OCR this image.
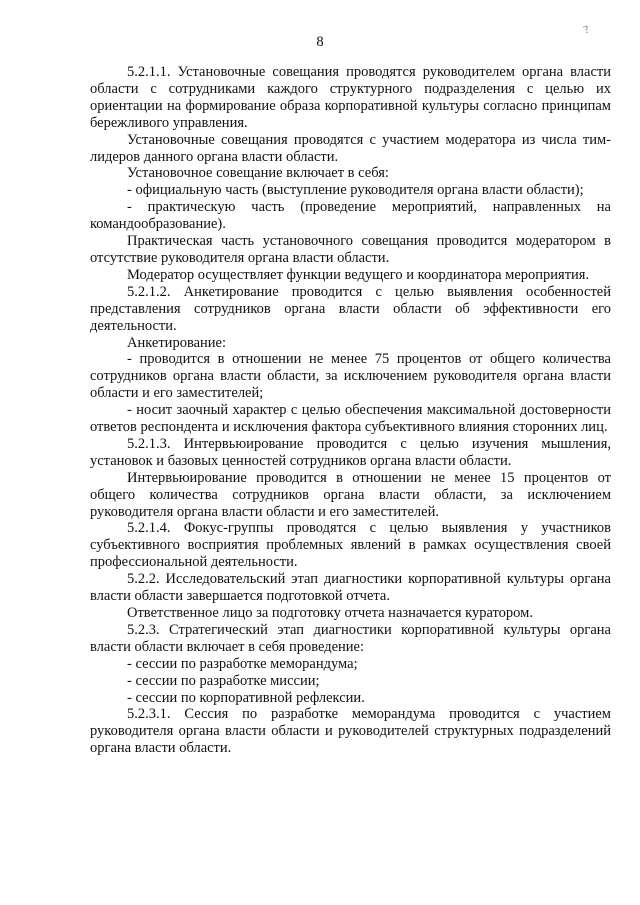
8
?

5.2.1.1. Установочные совещания проводятся руководителем органа власти области с сотрудниками каждого структурного подразделения с целью их ориентации на формирование образа корпоративной культуры согласно принципам бережливого управления.

Установочные совещания проводятся с участием модератора из числа тим-лидеров данного органа власти области.

Установочное совещание включает в себя:

- официальную часть (выступление руководителя органа власти области);

- практическую часть (проведение мероприятий, направленных на командообразование).

Практическая часть установочного совещания проводится модератором в отсутствие руководителя органа власти области.

Модератор осуществляет функции ведущего и координатора мероприятия.

5.2.1.2. Анкетирование проводится с целью выявления особенностей представления сотрудников органа власти области об эффективности его деятельности.

Анкетирование:

- проводится в отношении не менее 75 процентов от общего количества сотрудников органа власти области, за исключением руководителя органа власти области и его заместителей;

- носит заочный характер с целью обеспечения максимальной достоверности ответов респондента и исключения фактора субъективного влияния сторонних лиц.

5.2.1.3. Интервьюирование проводится с целью изучения мышления, установок и базовых ценностей сотрудников органа власти области.

Интервьюирование проводится в отношении не менее 15 процентов от общего количества сотрудников органа власти области, за исключением руководителя органа власти области и его заместителей.

5.2.1.4. Фокус-группы проводятся с целью выявления у участников субъективного восприятия проблемных явлений в рамках осуществления своей профессиональной деятельности.

5.2.2. Исследовательский этап диагностики корпоративной культуры органа власти области завершается подготовкой отчета.

Ответственное лицо за подготовку отчета назначается куратором.

5.2.3. Стратегический этап диагностики корпоративной культуры органа власти области включает в себя проведение:

- сессии по разработке меморандума;

- сессии по разработке миссии;

- сессии по корпоративной рефлексии.

5.2.3.1. Сессия по разработке меморандума проводится с участием руководителя органа власти области и руководителей структурных подразделений органа власти области.
